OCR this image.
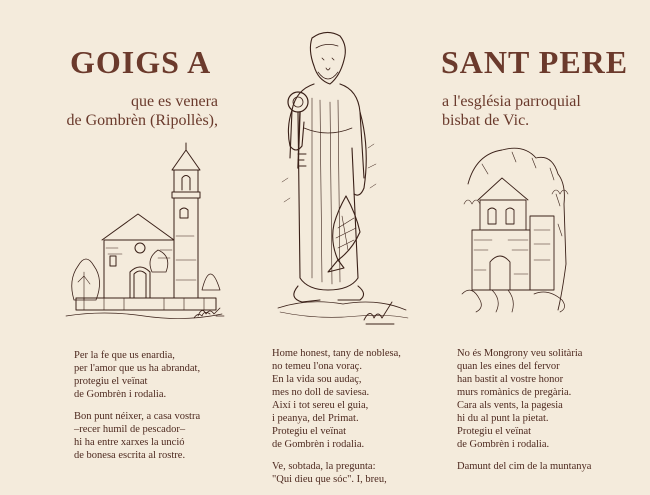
GOIGS A	SANT PERE
que es venera
de Gombrèn (Ripollès),
a l'església parroquial
bisbat de Vic.
Per la fe que us enardia,
per l'amor que us ha abrandat,
protegiu el veïnat
de Gombrèn i rodalia.
Bon punt néixer, a casa vostra
–recer humil de pescador–
hi ha entre xarxes la unció
de bonesa escrita al rostre.
Home honest, tany de noblesa,
no temeu l'ona voraç.
En la vida sou audaç,
mes no doll de saviesa.
Així i tot sereu el guia,
i peanya, del Primat.
Protegiu el veïnat
de Gombrèn i rodalia.
Ve, sobtada, la pregunta:
"Qui dieu que sóc". I, breu,
No és Mongrony veu solitària
quan les eines del fervor
han bastit al vostre honor
murs romànics de pregària.
Cara als vents, la pagesia
hi du al punt la pietat.
Protegiu el veïnat
de Gombrèn i rodalia.
Damunt del cim de la muntanya
